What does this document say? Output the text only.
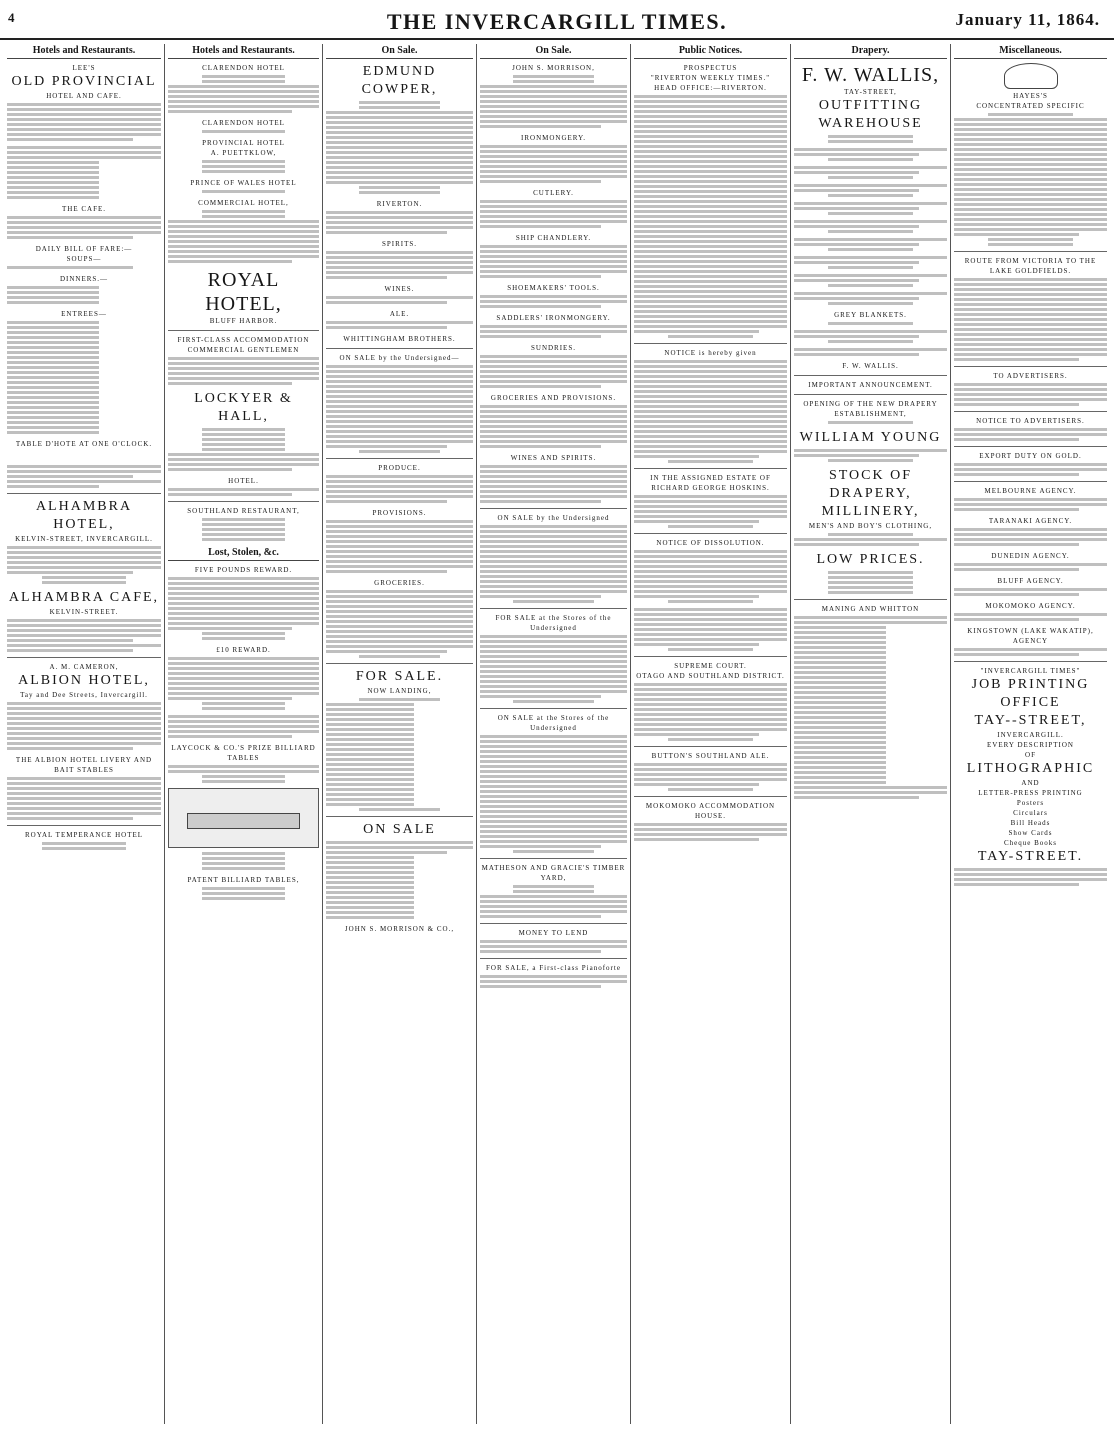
4	THE INVERCARGILL TIMES.	January 11, 1864.
Hotels and Restaurants.
LEE'S
OLD PROVINCIAL
HOTEL AND CAFE.
THE CAFE.
DAILY BILL OF FARE:—
SOUPS—
DINNERS.—
ENTREES—
TABLE D'HOTE AT ONE O'CLOCK.
ALHAMBRA HOTEL,
KELVIN-STREET, INVERCARGILL.
ALHAMBRA CAFE,
KELVIN-STREET.
A. M. CAMERON,
ALBION HOTEL,
Tay and Dee Streets, Invercargill.
THE ALBION HOTEL LIVERY AND BAIT STABLES
ROYAL TEMPERANCE HOTEL
Hotels and Restaurants.
CLARENDON HOTEL
CLARENDON HOTEL
PROVINCIAL HOTEL
A. PUETTKLOW,
PRINCE OF WALES HOTEL
COMMERCIAL HOTEL,
ROYAL HOTEL,
BLUFF HARBOR.
FIRST-CLASS ACCOMMODATION
COMMERCIAL GENTLEMEN
LOCKYER & HALL,
HOTEL.
SOUTHLAND RESTAURANT,
Lost, Stolen, &c.
FIVE POUNDS REWARD.
£10 REWARD.
LAYCOCK & CO.'S PRIZE BILLIARD TABLES
PATENT BILLIARD TABLES,
On Sale.
EDMUND COWPER,
RIVERTON.
SPIRITS.
WINES.
ALE.
WHITTINGHAM BROTHERS.
ON SALE by the Undersigned—
PRODUCE.
PROVISIONS.
GROCERIES.
FOR SALE.
NOW LANDING,
ON SALE
JOHN S. MORRISON & CO.,
On Sale.
JOHN S. MORRISON,
IRONMONGERY.
CUTLERY.
SHIP CHANDLERY.
SHOEMAKERS' TOOLS.
SADDLERS' IRONMONGERY.
SUNDRIES.
GROCERIES AND PROVISIONS.
WINES AND SPIRITS.
ON SALE by the Undersigned
FOR SALE at the Stores of the Undersigned
ON SALE at the Stores of the Undersigned
MATHESON AND GRACIE'S TIMBER YARD,
MONEY TO LEND
FOR SALE, a First-class Pianoforte
Public Notices.
PROSPECTUS
"RIVERTON WEEKLY TIMES."
HEAD OFFICE:—RIVERTON.
NOTICE is hereby given
IN THE ASSIGNED ESTATE OF RICHARD GEORGE HOSKINS.
NOTICE OF DISSOLUTION.
SUPREME COURT.
OTAGO AND SOUTHLAND DISTRICT.
BUTTON'S SOUTHLAND ALE.
MOKOMOKO ACCOMMODATION HOUSE.
Drapery.
F. W. WALLIS,
TAY-STREET,
OUTFITTING WAREHOUSE
GREY BLANKETS.
F. W. WALLIS.
IMPORTANT ANNOUNCEMENT.
OPENING OF THE NEW DRAPERY ESTABLISHMENT,
WILLIAM YOUNG
STOCK OF DRAPERY,
MILLINERY,
MEN'S AND BOY'S CLOTHING,
LOW PRICES.
MANING AND WHITTON
Miscellaneous.
HAYES'S
CONCENTRATED SPECIFIC
ROUTE FROM VICTORIA TO THE LAKE GOLDFIELDS.
TO ADVERTISERS.
NOTICE TO ADVERTISERS.
EXPORT DUTY ON GOLD.
MELBOURNE AGENCY.
TARANAKI AGENCY.
DUNEDIN AGENCY.
BLUFF AGENCY.
MOKOMOKO AGENCY.
KINGSTOWN (LAKE WAKATIP), AGENCY
"INVERCARGILL TIMES"
JOB PRINTING OFFICE
TAY--STREET,
INVERCARGILL.
EVERY DESCRIPTION
OF
LITHOGRAPHIC
AND
LETTER-PRESS PRINTING
Posters
Circulars
Bill Heads
Show Cards
Cheque Books
TAY-STREET.
